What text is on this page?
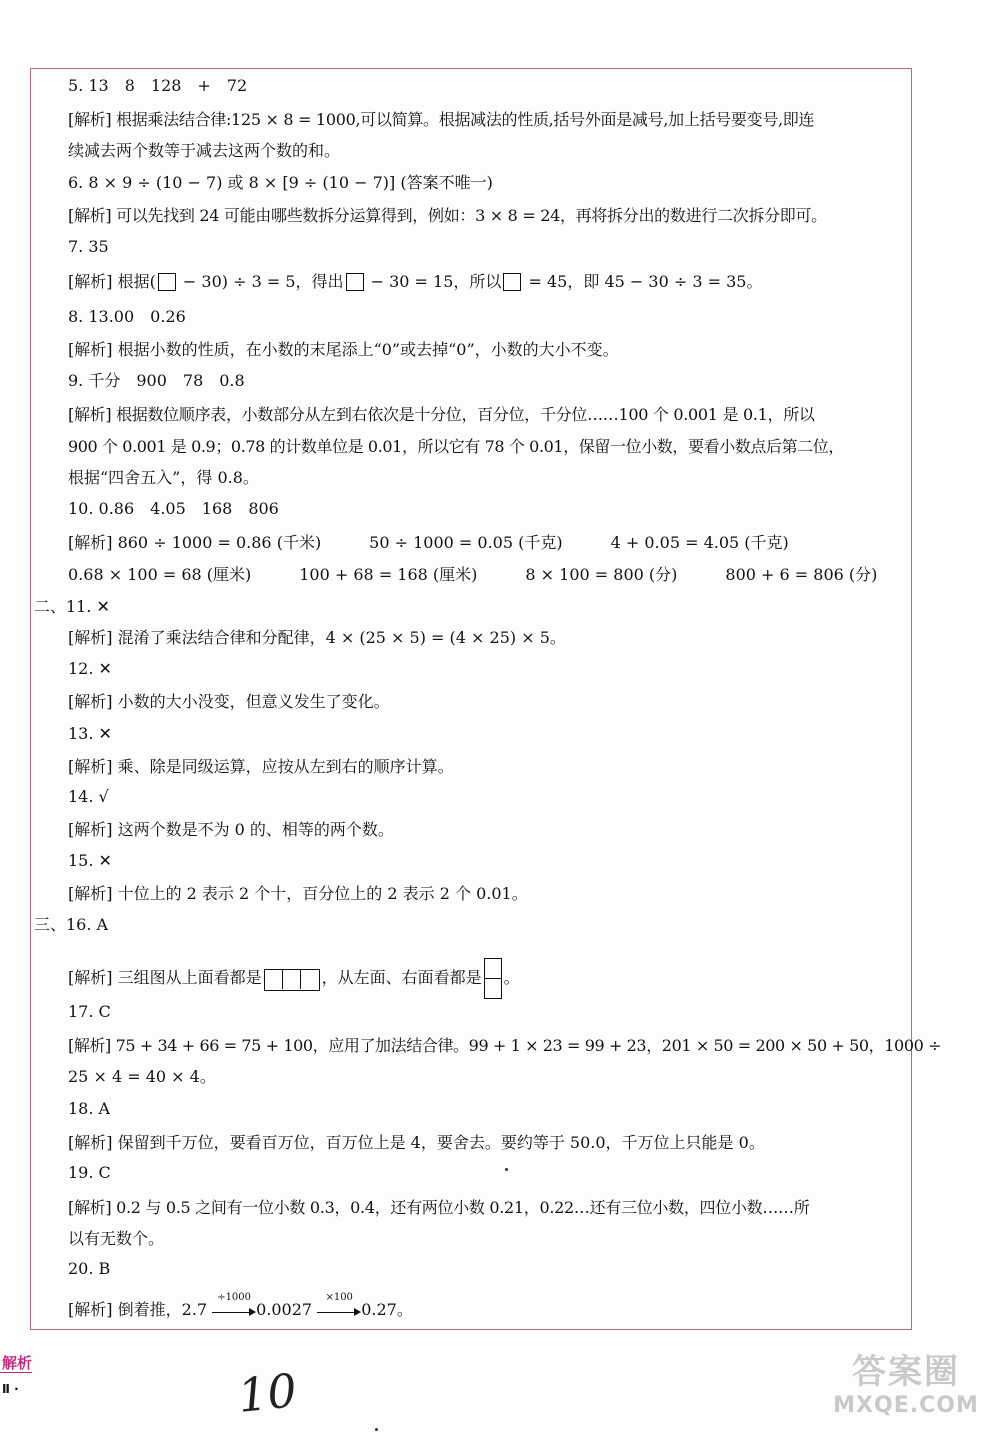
5. 13　8　128　+　72
[解析] 根据乘法结合律:125 × 8 = 1000,可以简算。根据减法的性质,括号外面是减号,加上括号要变号,即连
续减去两个数等于减去这两个数的和。
6. 8 × 9 ÷ (10 − 7) 或 8 × [9 ÷ (10 − 7)] (答案不唯一)
[解析] 可以先找到 24 可能由哪些数拆分运算得到，例如：3 × 8 = 24，再将拆分出的数进行二次拆分即可。
7. 35
[解析] 根据( − 30) ÷ 3 = 5，得出 − 30 = 15，所以 = 45，即 45 − 30 ÷ 3 = 35。
8. 13.00　0.26
[解析] 根据小数的性质，在小数的末尾添上“0”或去掉“0”，小数的大小不变。
9. 千分　900　78　0.8
[解析] 根据数位顺序表，小数部分从左到右依次是十分位，百分位，千分位……100 个 0.001 是 0.1，所以
900 个 0.001 是 0.9；0.78 的计数单位是 0.01，所以它有 78 个 0.01，保留一位小数，要看小数点后第二位，
根据“四舍五入”，得 0.8。
10. 0.86　4.05　168　806
[解析] 860 ÷ 1000 = 0.86 (千米)　　　50 ÷ 1000 = 0.05 (千克)　　　4 + 0.05 = 4.05 (千克)
0.68 × 100 = 68 (厘米)　　　100 + 68 = 168 (厘米)　　　8 × 100 = 800 (分)　　　800 + 6 = 806 (分)
二、11. ✕
[解析] 混淆了乘法结合律和分配律，4 × (25 × 5) = (4 × 25) × 5。
12. ✕
[解析] 小数的大小没变，但意义发生了变化。
13. ✕
[解析] 乘、除是同级运算，应按从左到右的顺序计算。
14. √
[解析] 这两个数是不为 0 的、相等的两个数。
15. ✕
[解析] 十位上的 2 表示 2 个十，百分位上的 2 表示 2 个 0.01。
三、16. A
[解析] 三组图从上面看都是	，从左面、右面看都是 。
17. C
[解析] 75 + 34 + 66 = 75 + 100，应用了加法结合律。99 + 1 × 23 = 99 + 23，201 × 50 = 200 × 50 + 50，1000 ÷
25 × 4 = 40 × 4。
18. A
[解析] 保留到千万位，要看百万位，百万位上是 4，要舍去。要约等于 50.0，千万位上只能是 0。
19. C
[解析] 0.2 与 0.5 之间有一位小数 0.3，0.4，还有两位小数 0.21，0.22…还有三位小数，四位小数……所
以有无数个。
20. B
[解析] 倒着推，2.7
÷1000
0.0027
×100
0.27。
解析
Ⅱ ·	10	答案圈
MXQE.COM
